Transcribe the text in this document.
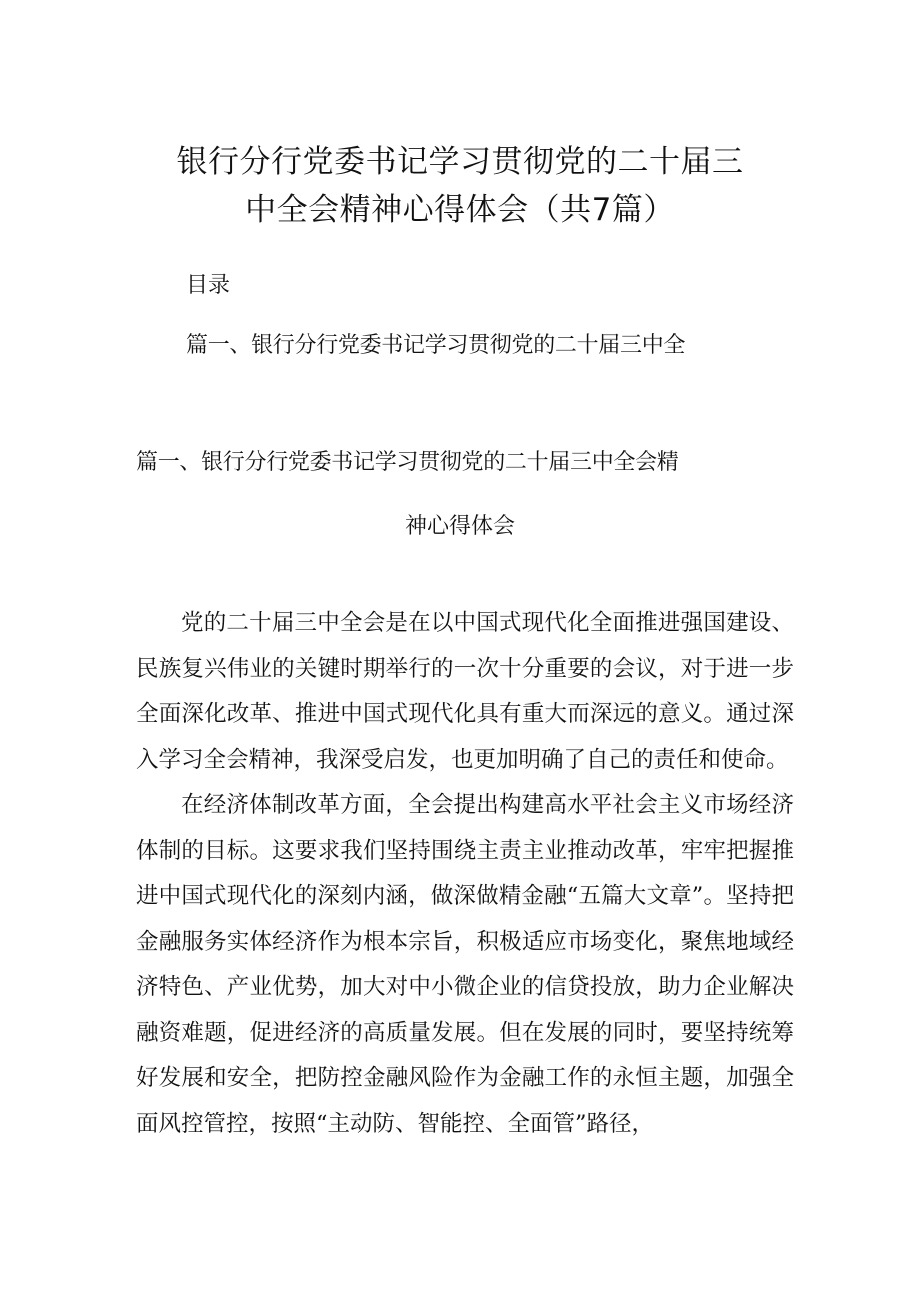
银行分行党委书记学习贯彻党的二十届三
中全会精神心得体会（共7篇）
目录
篇一、银行分行党委书记学习贯彻党的二十届三中全
篇一、银行分行党委书记学习贯彻党的二十届三中全会精
神心得体会

党的二十届三中全会是在以中国式现代化全面推进强国建设、民族复兴伟业的关键时期举行的一次十分重要的会议，对于进一步全面深化改革、推进中国式现代化具有重大而深远的意义。通过深入学习全会精神，我深受启发，也更加明确了自己的责任和使命。

在经济体制改革方面，全会提出构建高水平社会主义市场经济体制的目标。这要求我们坚持围绕主责主业推动改革，牢牢把握推进中国式现代化的深刻内涵，做深做精金融“五篇大文章”。坚持把金融服务实体经济作为根本宗旨，积极适应市场变化，聚焦地域经济特色、产业优势，加大对中小微企业的信贷投放，助力企业解决融资难题，促进经济的高质量发展。但在发展的同时，要坚持统筹好发展和安全，把防控金融风险作为金融工作的永恒主题，加强全面风控管控，按照“主动防、智能控、全面管”路径，
